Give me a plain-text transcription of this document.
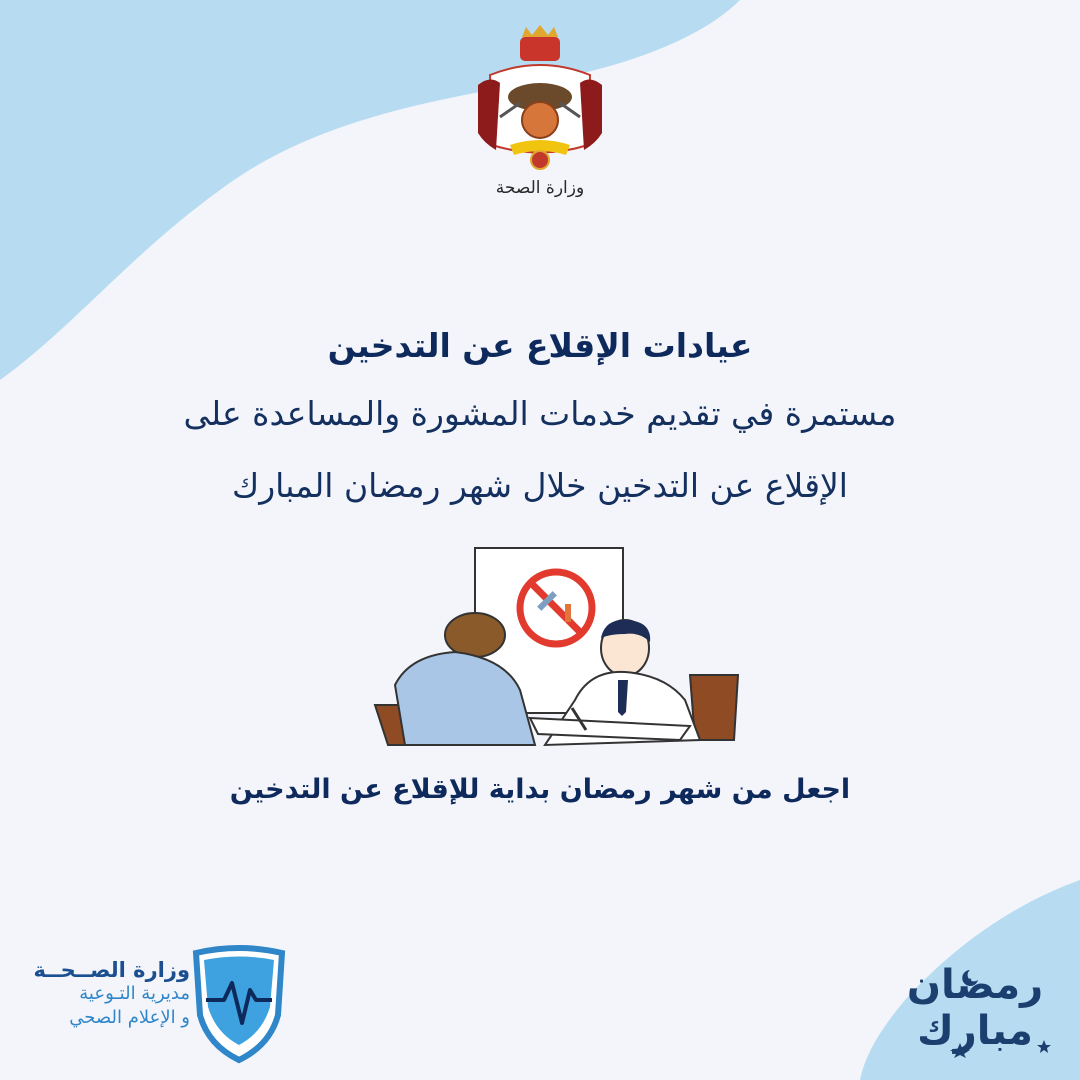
وزارة الصحة
عيادات الإقلاع عن التدخين
مستمرة في تقديم خدمات المشورة والمساعدة على
الإقلاع عن التدخين خلال شهر رمضان المبارك
اجعل من شهر رمضان بداية للإقلاع عن التدخين
وزارة الصــحــة
مديرية التـوعية
و الإعلام الصحي
رمضان
مبارك
